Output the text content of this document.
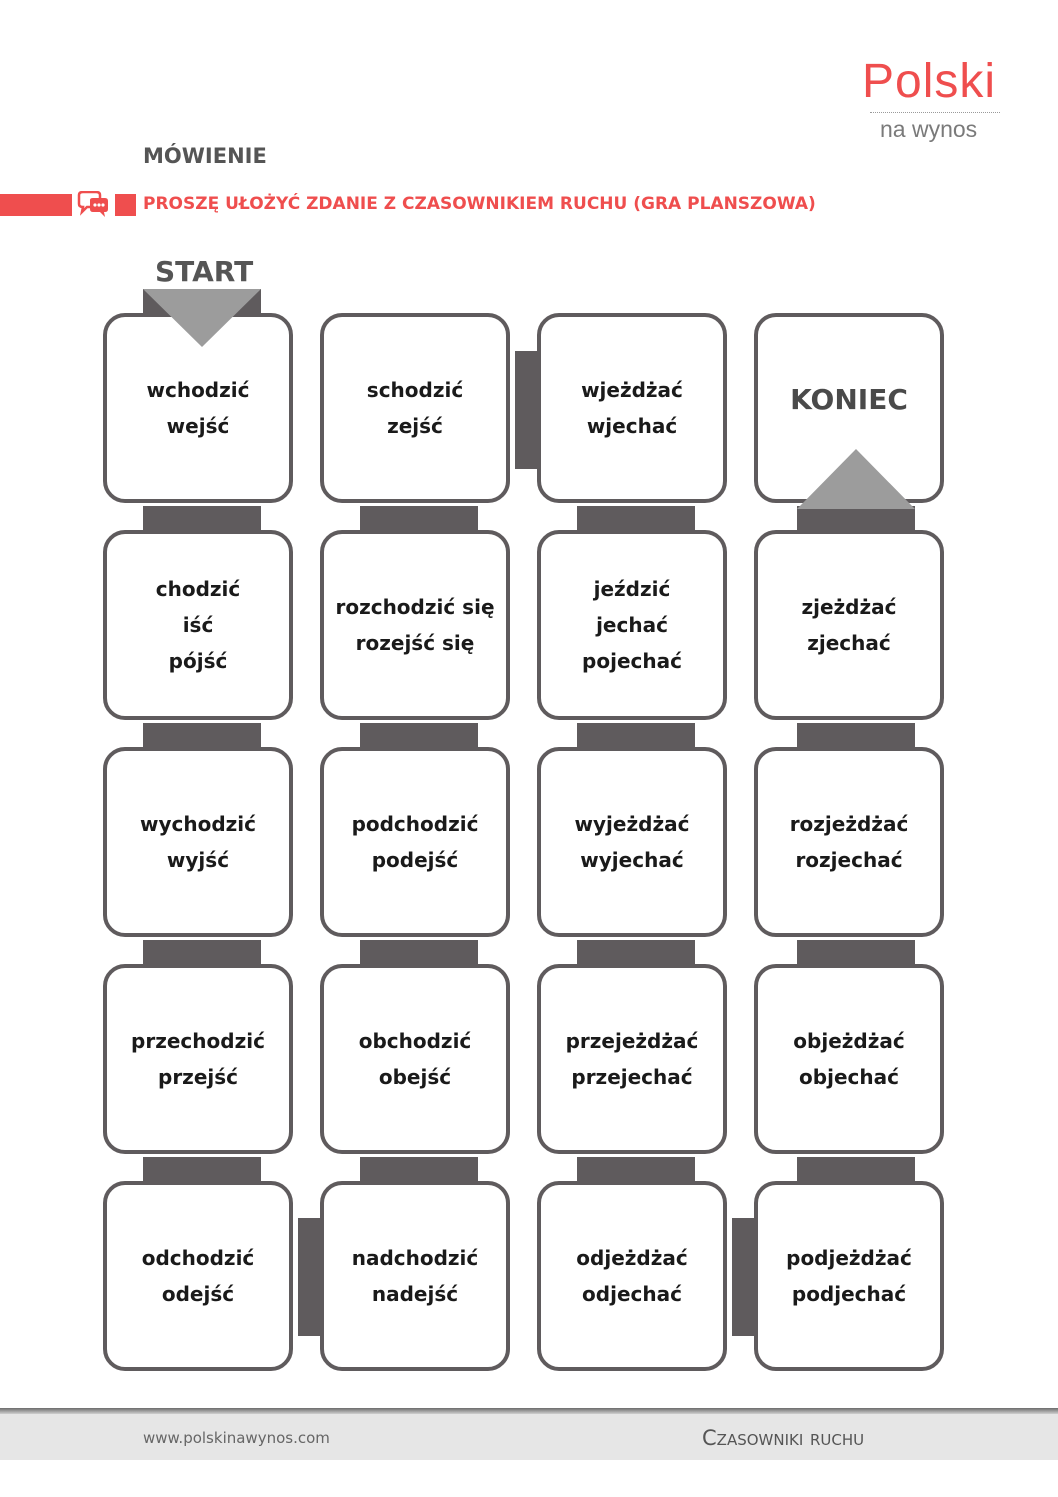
Polski
na wynos
MÓWIENIE
PROSZĘ UŁOŻYĆ ZDANIE Z CZASOWNIKIEM RUCHU (GRA PLANSZOWA)
START
wchodzić
wejść
schodzić
zejść
wjeżdżać
wjechać
KONIEC
chodzić
iść
pójść
rozchodzić się
rozejść się
jeździć
jechać
pojechać
zjeżdżać
zjechać
wychodzić
wyjść
podchodzić
podejść
wyjeżdżać
wyjechać
rozjeżdżać
rozjechać
przechodzić
przejść
obchodzić
obejść
przejeżdżać
przejechać
objeżdżać
objechać
odchodzić
odejść
nadchodzić
nadejść
odjeżdżać
odjechać
podjeżdżać
podjechać
www.polskinawynos.com	Czasowniki ruchu
